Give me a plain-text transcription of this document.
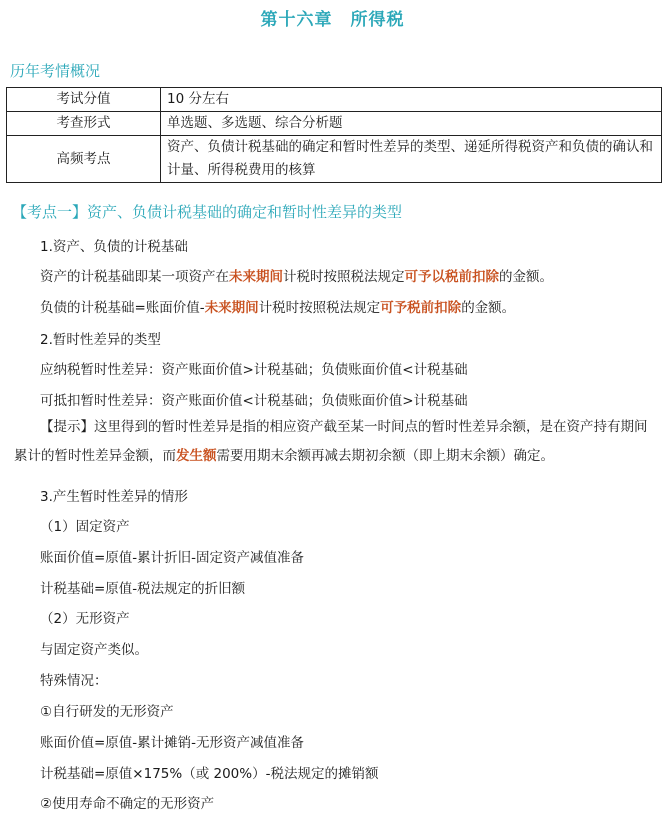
第十六章　所得税
历年考情概况
考试分值	10 分左右
考查形式	单选题、多选题、综合分析题
高频考点	资产、负债计税基础的确定和暂时性差异的类型、递延所得税资产和负债的确认和计量、所得税费用的核算
【考点一】资产、负债计税基础的确定和暂时性差异的类型
1.资产、负债的计税基础
资产的计税基础即某一项资产在未来期间计税时按照税法规定可予以税前扣除的金额。
负债的计税基础=账面价值-未来期间计税时按照税法规定可予税前扣除的金额。
2.暂时性差异的类型
应纳税暂时性差异：资产账面价值>计税基础；负债账面价值<计税基础
可抵扣暂时性差异：资产账面价值<计税基础；负债账面价值>计税基础
【提示】这里得到的暂时性差异是指的相应资产截至某一时间点的暂时性差异余额，是在资产持有期间累计的暂时性差异金额，而发生额需要用期末余额再减去期初余额（即上期末余额）确定。
3.产生暂时性差异的情形
（1）固定资产
账面价值=原值-累计折旧-固定资产减值准备
计税基础=原值-税法规定的折旧额
（2）无形资产
与固定资产类似。
特殊情况：
①自行研发的无形资产
账面价值=原值-累计摊销-无形资产减值准备
计税基础=原值×175%（或 200%）-税法规定的摊销额
②使用寿命不确定的无形资产
